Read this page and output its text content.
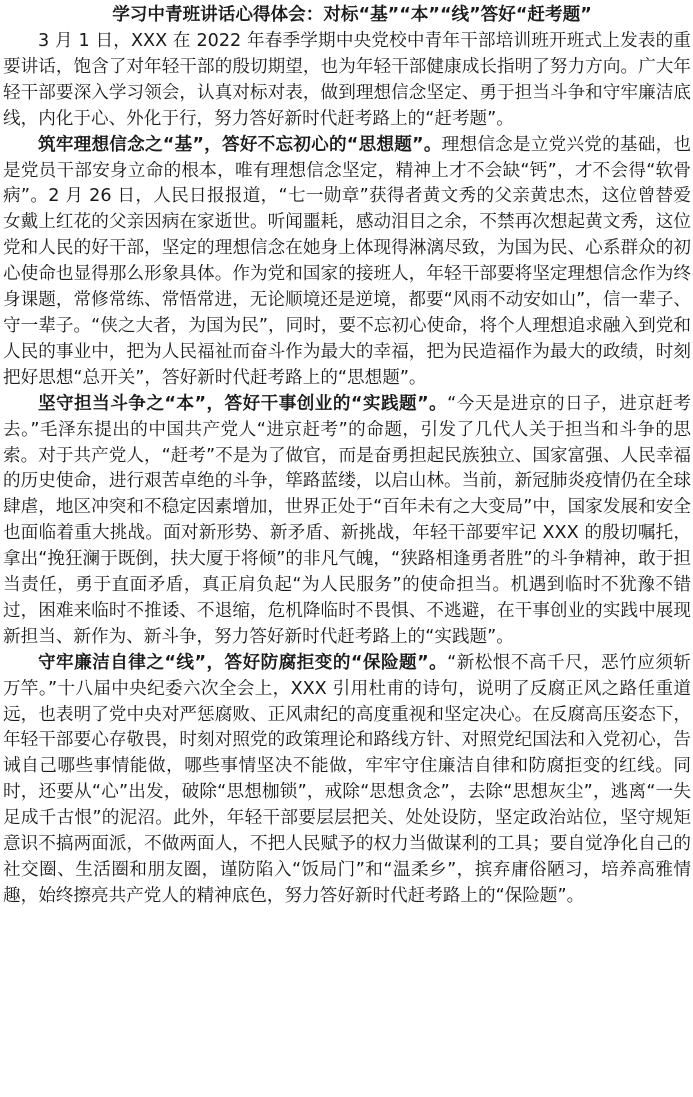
学习中青班讲话心得体会：对标“基”“本”“线”答好“赶考题”

3 月 1 日，XXX 在 2022 年春季学期中央党校中青年干部培训班开班式上发表的重要讲话，饱含了对年轻干部的殷切期望，也为年轻干部健康成长指明了努力方向。广大年轻干部要深入学习领会，认真对标对表，做到理想信念坚定、勇于担当斗争和守牢廉洁底线，内化于心、外化于行，努力答好新时代赶考路上的“赶考题”。

筑牢理想信念之“基”，答好不忘初心的“思想题”。理想信念是立党兴党的基础，也是党员干部安身立命的根本，唯有理想信念坚定，精神上才不会缺“钙”，才不会得“软骨病”。2 月 26 日，人民日报报道，“七一勋章”获得者黄文秀的父亲黄忠杰，这位曾替爱女戴上红花的父亲因病在家逝世。听闻噩耗，感动泪目之余，不禁再次想起黄文秀，这位党和人民的好干部，坚定的理想信念在她身上体现得淋漓尽致，为国为民、心系群众的初心使命也显得那么形象具体。作为党和国家的接班人，年轻干部要将坚定理想信念作为终身课题，常修常练、常悟常进，无论顺境还是逆境，都要“风雨不动安如山”，信一辈子、守一辈子。“侠之大者，为国为民”，同时，要不忘初心使命，将个人理想追求融入到党和人民的事业中，把为人民福祉而奋斗作为最大的幸福，把为民造福作为最大的政绩，时刻把好思想“总开关”，答好新时代赶考路上的“思想题”。

坚守担当斗争之“本”，答好干事创业的“实践题”。“今天是进京的日子，进京赶考去。”毛泽东提出的中国共产党人“进京赶考”的命题，引发了几代人关于担当和斗争的思索。对于共产党人，“赶考”不是为了做官，而是奋勇担起民族独立、国家富强、人民幸福的历史使命，进行艰苦卓绝的斗争，筚路蓝缕，以启山林。当前，新冠肺炎疫情仍在全球肆虐，地区冲突和不稳定因素增加，世界正处于“百年未有之大变局”中，国家发展和安全也面临着重大挑战。面对新形势、新矛盾、新挑战，年轻干部要牢记 XXX 的殷切嘱托，拿出“挽狂澜于既倒，扶大厦于将倾”的非凡气魄，“狭路相逢勇者胜”的斗争精神，敢于担当责任，勇于直面矛盾，真正肩负起“为人民服务”的使命担当。机遇到临时不犹豫不错过，困难来临时不推诿、不退缩，危机降临时不畏惧、不逃避，在干事创业的实践中展现新担当、新作为、新斗争，努力答好新时代赶考路上的“实践题”。

守牢廉洁自律之“线”，答好防腐拒变的“保险题”。“新松恨不高千尺，恶竹应须斩万竿。”十八届中央纪委六次全会上，XXX 引用杜甫的诗句，说明了反腐正风之路任重道远，也表明了党中央对严惩腐败、正风肃纪的高度重视和坚定决心。在反腐高压姿态下，年轻干部要心存敬畏，时刻对照党的政策理论和路线方针、对照党纪国法和入党初心，告诫自己哪些事情能做，哪些事情坚决不能做，牢牢守住廉洁自律和防腐拒变的红线。同时，还要从“心”出发，破除“思想枷锁”，戒除“思想贪念”，去除“思想灰尘”，逃离“一失足成千古恨”的泥沼。此外，年轻干部要层层把关、处处设防，坚定政治站位，坚守规矩意识不搞两面派，不做两面人，不把人民赋予的权力当做谋利的工具；要自觉净化自己的社交圈、生活圈和朋友圈，谨防陷入“饭局门”和“温柔乡”，摈弃庸俗陋习，培养高雅情趣，始终擦亮共产党人的精神底色，努力答好新时代赶考路上的“保险题”。
